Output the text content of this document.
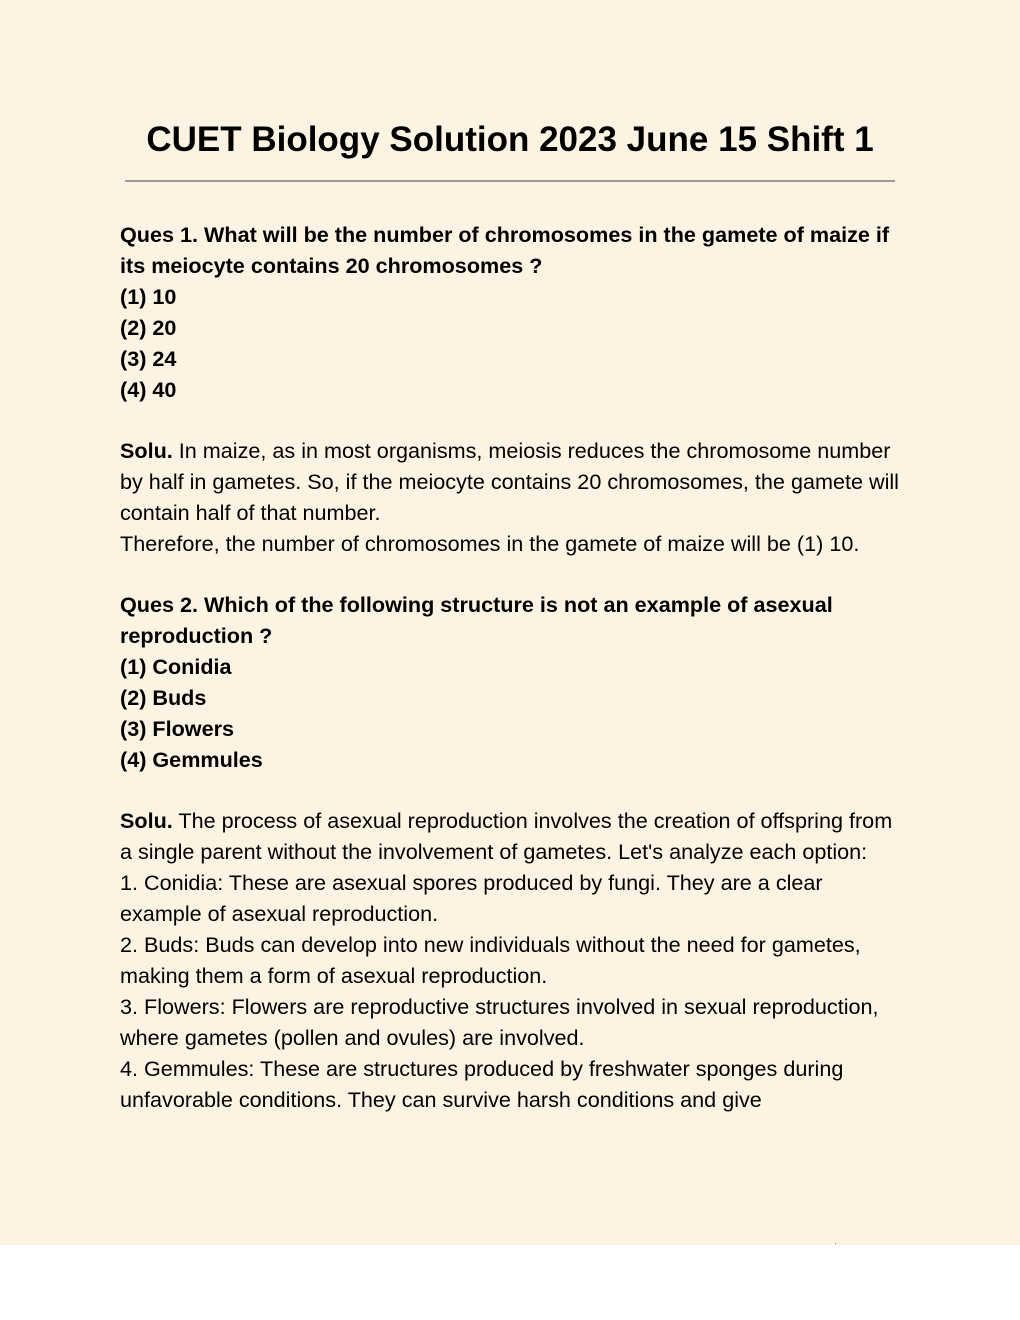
CUET Biology Solution 2023 June 15 Shift 1

Ques 1. What will be the number of chromosomes in the gamete of maize if its meiocyte contains 20 chromosomes ?

(1) 10

(2) 20

(3) 24

(4) 40

Solu. In maize, as in most organisms, meiosis reduces the chromosome number by half in gametes. So, if the meiocyte contains 20 chromosomes, the gamete will contain half of that number.

Therefore, the number of chromosomes in the gamete of maize will be (1) 10.

Ques 2. Which of the following structure is not an example of asexual reproduction ?

(1) Conidia

(2) Buds

(3) Flowers

(4) Gemmules

Solu. The process of asexual reproduction involves the creation of offspring from a single parent without the involvement of gametes. Let's analyze each option:

1. Conidia: These are asexual spores produced by fungi. They are a clear example of asexual reproduction.

2. Buds: Buds can develop into new individuals without the need for gametes, making them a form of asexual reproduction.

3. Flowers: Flowers are reproductive structures involved in sexual reproduction, where gametes (pollen and ovules) are involved.

4. Gemmules: These are structures produced by freshwater sponges during unfavorable conditions. They can survive harsh conditions and give
